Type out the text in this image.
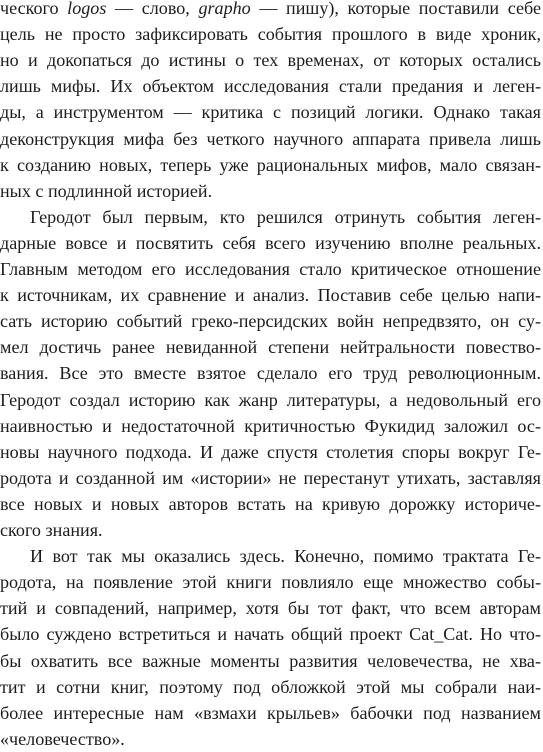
ческого logos — слово, grapho — пишу), которые поставили себе
цель не просто зафиксировать события прошлого в виде хроник,
но и докопаться до истины о тех временах, от которых остались
лишь мифы. Их объектом исследования стали предания и леген-
ды, а инструментом — критика с позиций логики. Однако такая
деконструкция мифа без четкого научного аппарата привела лишь
к созданию новых, теперь уже рациональных мифов, мало связан-
ных с подлинной историей.
Геродот был первым, кто решился отринуть события леген-
дарные вовсе и посвятить себя всего изучению вполне реальных.
Главным методом его исследования стало критическое отношение
к источникам, их сравнение и анализ. Поставив себе целью напи-
сать историю событий греко-персидских войн непредвзято, он су-
мел достичь ранее невиданной степени нейтральности повество-
вания. Все это вместе взятое сделало его труд революционным.
Геродот создал историю как жанр литературы, а недовольный его
наивностью и недостаточной критичностью Фукидид заложил ос-
новы научного подхода. И даже спустя столетия споры вокруг Ге-
родота и созданной им «истории» не перестанут утихать, заставляя
все новых и новых авторов встать на кривую дорожку историче-
ского знания.
И вот так мы оказались здесь. Конечно, помимо трактата Ге-
родота, на появление этой книги повлияло еще множество собы-
тий и совпадений, например, хотя бы тот факт, что всем авторам
было суждено встретиться и начать общий проект Cat_Cat. Но что-
бы охватить все важные моменты развития человечества, не хва-
тит и сотни книг, поэтому под обложкой этой мы собрали наи-
более интересные нам «взмахи крыльев» бабочки под названием
«человечество».
